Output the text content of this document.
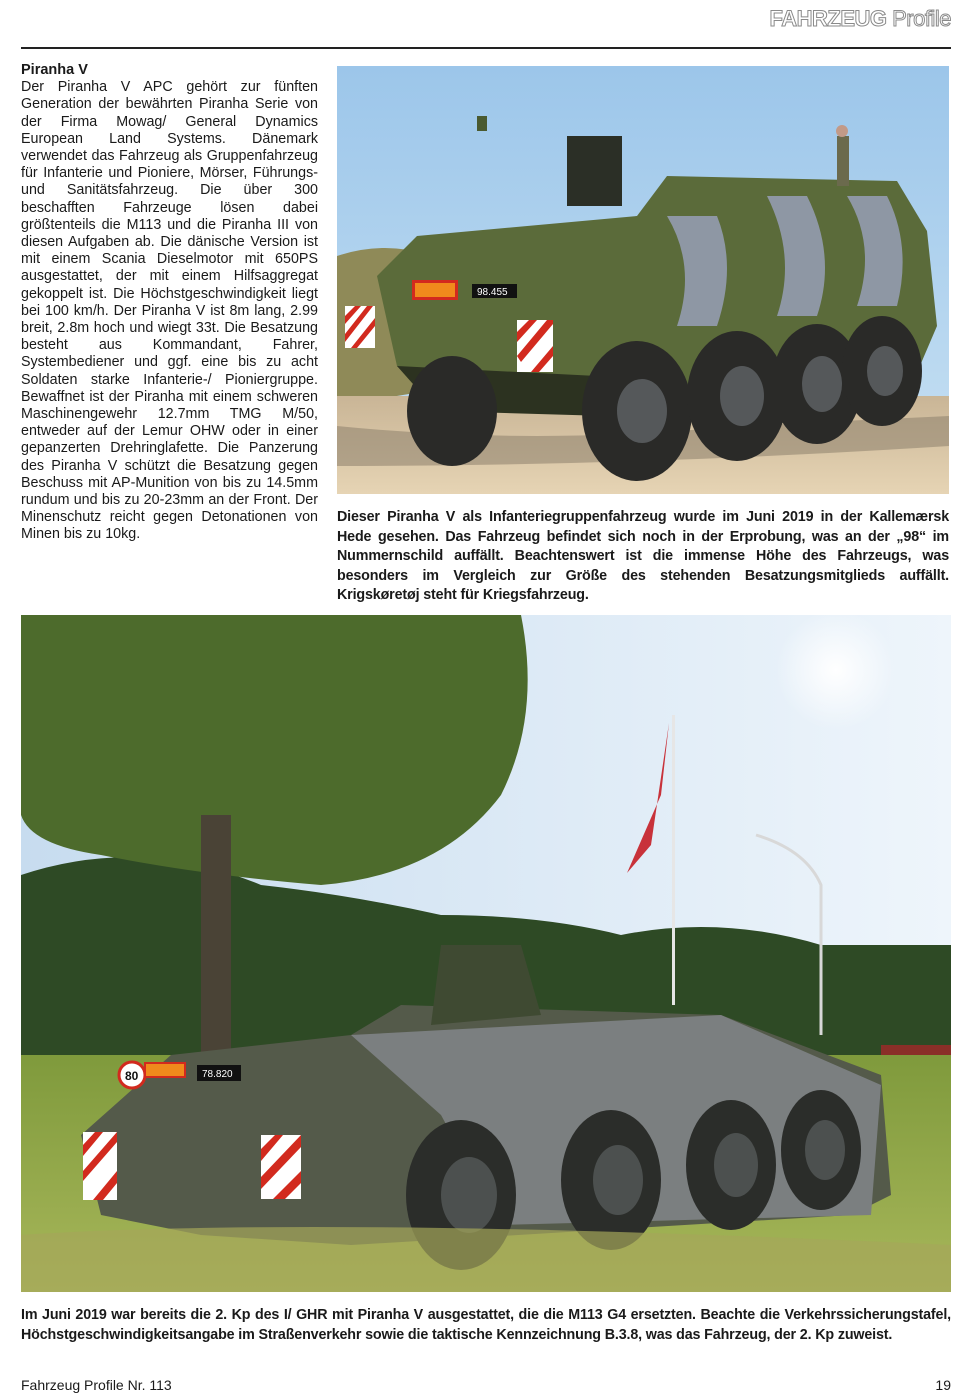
FAHRZEUG Profile
Piranha V

Der Piranha V APC gehört zur fünften Generation der bewährten Piranha Serie von der Firma Mowag/ General Dynamics European Land Systems. Dänemark verwendet das Fahrzeug als Gruppenfahrzeug für Infanterie und Pioniere, Mörser, Führungs- und Sanitätsfahrzeug. Die über 300 beschafften Fahrzeuge lösen dabei größtenteils die M113 und die Piranha III von diesen Aufgaben ab. Die dänische Version ist mit einem Scania Dieselmotor mit 650PS ausgestattet, der mit einem Hilfsaggregat gekoppelt ist. Die Höchstgeschwindigkeit liegt bei 100 km/h. Der Piranha V ist 8m lang, 2.99 breit, 2.8m hoch und wiegt 33t. Die Besatzung besteht aus Kommandant, Fahrer, Systembediener und ggf. eine bis zu acht Soldaten starke Infanterie-/ Pioniergruppe. Bewaffnet ist der Piranha mit einem schweren Maschinengewehr 12.7mm TMG M/50, entweder auf der Lemur OHW oder in einer gepanzerten Drehringlafette. Die Panzerung des Piranha V schützt die Besatzung gegen Beschuss mit AP-Munition von bis zu 14.5mm rundum und bis zu 20-23mm an der Front. Der Minenschutz reicht gegen Detonationen von Minen bis zu 10kg.

98.455
Dieser Piranha V als Infanteriegruppenfahrzeug wurde im Juni 2019 in der Kallemærsk Hede gesehen. Das Fahrzeug befindet sich noch in der Erprobung, was an der „98“ im Nummernschild auffällt. Beachtenswert ist die immense Höhe des Fahrzeugs, was besonders im Vergleich zur Größe des stehenden Besatzungsmitglieds auffällt. Krigskøretøj steht für Kriegsfahrzeug.
80	78.820
Im Juni 2019 war bereits die 2. Kp des I/ GHR mit Piranha V ausgestattet, die die M113 G4 ersetzten. Beachte die Verkehrssicherungstafel, Höchstgeschwindigkeitsangabe im Straßenverkehr sowie die taktische Kennzeichnung B.3.8, was das Fahrzeug, der 2. Kp zuweist.
Fahrzeug Profile Nr. 113	19
